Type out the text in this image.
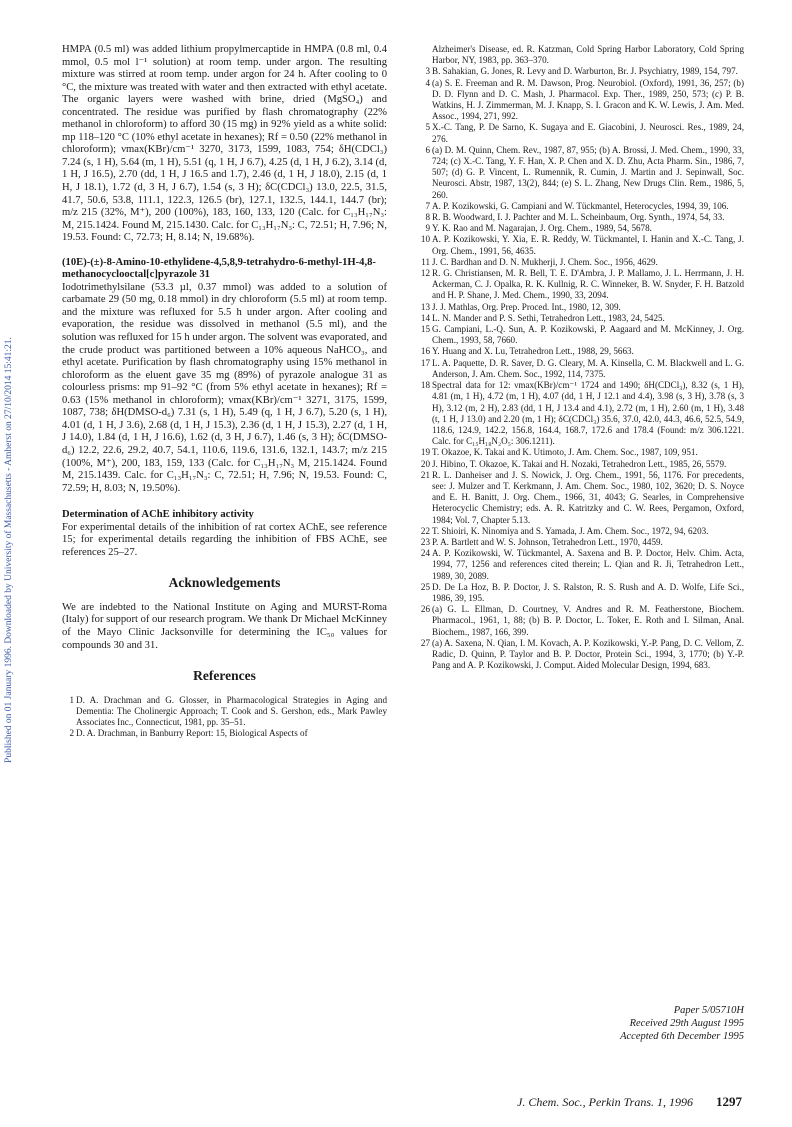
Published on 01 January 1996. Downloaded by University of Massachusetts - Amherst on 27/10/2014 15:41:21.

HMPA (0.5 ml) was added lithium propylmercaptide in HMPA (0.8 ml, 0.4 mmol, 0.5 mol l⁻¹ solution) at room temp. under argon. The resulting mixture was stirred at room temp. under argon for 24 h. After cooling to 0 °C, the mixture was treated with water and then extracted with ethyl acetate. The organic layers were washed with brine, dried (MgSO₄) and concentrated. The residue was purified by flash chromatography (22% methanol in chloroform) to afford 30 (15 mg) in 92% yield as a white solid: mp 118–120 °C (10% ethyl acetate in hexanes); Rf = 0.50 (22% methanol in chloroform); νmax(KBr)/cm⁻¹ 3270, 3173, 1599, 1083, 754; δH(CDCl₃) 7.24 (s, 1 H), 5.64 (m, 1 H), 5.51 (q, 1 H, J 6.7), 4.25 (d, 1 H, J 6.2), 3.14 (d, 1 H, J 16.5), 2.70 (dd, 1 H, J 16.5 and 1.7), 2.46 (d, 1 H, J 18.0), 2.15 (d, 1 H, J 18.1), 1.72 (d, 3 H, J 6.7), 1.54 (s, 3 H); δC(CDCl₃) 13.0, 22.5, 31.5, 41.7, 50.6, 53.8, 111.1, 122.3, 126.5 (br), 127.1, 132.5, 144.1, 144.7 (br); m/z 215 (32%, M⁺), 200 (100%), 183, 160, 133, 120 (Calc. for C₁₃H₁₇N₃: M, 215.1424. Found M, 215.1430. Calc. for C₁₃H₁₇N₃: C, 72.51; H, 7.96; N, 19.53. Found: C, 72.73; H, 8.14; N, 19.68%).

(10E)-(±)-8-Amino-10-ethylidene-4,5,8,9-tetrahydro-6-methyl-1H-4,8-methanocyclooctal[c]pyrazole 31

Iodotrimethylsilane (53.3 µl, 0.37 mmol) was added to a solution of carbamate 29 (50 mg, 0.18 mmol) in dry chloroform (5.5 ml) at room temp. and the mixture was refluxed for 5.5 h under argon. After cooling and evaporation, the residue was dissolved in methanol (5.5 ml), and the solution was refluxed for 15 h under argon. The solvent was evaporated, and the crude product was partitioned between a 10% aqueous NaHCO₃, and ethyl acetate. Purification by flash chromatography using 15% methanol in chloroform as the eluent gave 35 mg (89%) of pyrazole analogue 31 as colourless prisms: mp 91–92 °C (from 5% ethyl acetate in hexanes); Rf = 0.63 (15% methanol in chloroform); νmax(KBr)/cm⁻¹ 3271, 3175, 1599, 1087, 738; δH(DMSO-d₆) 7.31 (s, 1 H), 5.49 (q, 1 H, J 6.7), 5.20 (s, 1 H), 4.01 (d, 1 H, J 3.6), 2.68 (d, 1 H, J 15.3), 2.36 (d, 1 H, J 15.3), 2.27 (d, 1 H, J 14.0), 1.84 (d, 1 H, J 16.6), 1.62 (d, 3 H, J 6.7), 1.46 (s, 3 H); δC(DMSO-d₆) 12.2, 22.6, 29.2, 40.7, 54.1, 110.6, 119.6, 131.6, 132.1, 143.7; m/z 215 (100%, M⁺), 200, 183, 159, 133 (Calc. for C₁₃H₁₇N₃ M, 215.1424. Found M, 215.1439. Calc. for C₁₃H₁₇N₃: C, 72.51; H, 7.96; N, 19.53. Found: C, 72.59; H, 8.03; N, 19.50%).

Determination of AChE inhibitory activity

For experimental details of the inhibition of rat cortex AChE, see reference 15; for experimental details regarding the inhibition of FBS AChE, see references 25–27.

Acknowledgements

We are indebted to the National Institute on Aging and MURST-Roma (Italy) for support of our research program. We thank Dr Michael McKinney of the Mayo Clinic Jacksonville for determining the IC₅₀ values for compounds 30 and 31.

References
1 D. A. Drachman and G. Glosser, in Pharmacological Strategies in Aging and Dementia: The Cholinergic Approach; T. Cook and S. Gershon, eds., Mark Pawley Associates Inc., Connecticut, 1981, pp. 35–51.
2 D. A. Drachman, in Banburry Report: 15, Biological Aspects of
Alzheimer's Disease, ed. R. Katzman, Cold Spring Harbor Laboratory, Cold Spring Harbor, NY, 1983, pp. 363–370.
3 B. Sahakian, G. Jones, R. Levy and D. Warburton, Br. J. Psychiatry, 1989, 154, 797.
4 (a) S. E. Freeman and R. M. Dawson, Prog. Neurobiol. (Oxford), 1991, 36, 257; (b) D. D. Flynn and D. C. Mash, J. Pharmacol. Exp. Ther., 1989, 250, 573; (c) P. B. Watkins, H. J. Zimmerman, M. J. Knapp, S. I. Gracon and K. W. Lewis, J. Am. Med. Assoc., 1994, 271, 992.
5 X.-C. Tang, P. De Sarno, K. Sugaya and E. Giacobini, J. Neurosci. Res., 1989, 24, 276.
6 (a) D. M. Quinn, Chem. Rev., 1987, 87, 955; (b) A. Brossi, J. Med. Chem., 1990, 33, 724; (c) X.-C. Tang, Y. F. Han, X. P. Chen and X. D. Zhu, Acta Pharm. Sin., 1986, 7, 507; (d) G. P. Vincent, L. Rumennik, R. Cumin, J. Martin and J. Sepinwall, Soc. Neurosci. Abstr, 1987, 13(2), 844; (e) S. L. Zhang, New Drugs Clin. Rem., 1986, 5, 260.
7 A. P. Kozikowski, G. Campiani and W. Tückmantel, Heterocycles, 1994, 39, 106.
8 R. B. Woodward, I. J. Pachter and M. L. Scheinbaum, Org. Synth., 1974, 54, 33.
9 Y. K. Rao and M. Nagarajan, J. Org. Chem., 1989, 54, 5678.
10 A. P. Kozikowski, Y. Xia, E. R. Reddy, W. Tückmantel, I. Hanin and X.-C. Tang, J. Org. Chem., 1991, 56, 4635.
11 J. C. Bardhan and D. N. Mukherji, J. Chem. Soc., 1956, 4629.
12 R. G. Christiansen, M. R. Bell, T. E. D'Ambra, J. P. Mallamo, J. L. Herrmann, J. H. Ackerman, C. J. Opalka, R. K. Kullnig, R. C. Winneker, B. W. Snyder, F. H. Batzold and H. P. Shane, J. Med. Chem., 1990, 33, 2094.
13 J. J. Mathlas, Org. Prep. Proced. Int., 1980, 12, 309.
14 L. N. Mander and P. S. Sethi, Tetrahedron Lett., 1983, 24, 5425.
15 G. Campiani, L.-Q. Sun, A. P. Kozikowski, P. Aagaard and M. McKinney, J. Org. Chem., 1993, 58, 7660.
16 Y. Huang and X. Lu, Tetrahedron Lett., 1988, 29, 5663.
17 L. A. Paquette, D. R. Saver, D. G. Cleary, M. A. Kinsella, C. M. Blackwell and L. G. Anderson, J. Am. Chem. Soc., 1992, 114, 7375.
18 Spectral data for 12: νmax(KBr)/cm⁻¹ 1724 and 1490; δH(CDCl₃), 8.32 (s, 1 H), 4.81 (m, 1 H), 4.72 (m, 1 H), 4.07 (dd, 1 H, J 12.1 and 4.4), 3.98 (s, 3 H), 3.78 (s, 3 H), 3.12 (m, 2 H), 2.83 (dd, 1 H, J 13.4 and 4.1), 2.72 (m, 1 H), 2.60 (m, 1 H), 3.48 (t, 1 H, J 13.0) and 2.20 (m, 1 H); δC(CDCl₃) 35.6, 37.0, 42.0, 44.3, 46.6, 52.5, 54.9, 118.6, 124.9, 142.2, 156.8, 164.4, 168.7, 172.6 and 178.4 (Found: m/z 306.1221. Calc. for C₁₅H₁₈N₂O₅: 306.1211).
19 T. Okazoe, K. Takai and K. Utimoto, J. Am. Chem. Soc., 1987, 109, 951.
20 J. Hibino, T. Okazoe, K. Takai and H. Nozaki, Tetrahedron Lett., 1985, 26, 5579.
21 R. L. Danheiser and J. S. Nowick, J. Org. Chem., 1991, 56, 1176. For precedents, see: J. Mulzer and T. Kerkmann, J. Am. Chem. Soc., 1980, 102, 3620; D. S. Noyce and E. H. Banitt, J. Org. Chem., 1966, 31, 4043; G. Searles, in Comprehensive Heterocyclic Chemistry; eds. A. R. Katritzky and C. W. Rees, Pergamon, Oxford, 1984; Vol. 7, Chapter 5.13.
22 T. Shioiri, K. Ninomiya and S. Yamada, J. Am. Chem. Soc., 1972, 94, 6203.
23 P. A. Bartlett and W. S. Johnson, Tetrahedron Lett., 1970, 4459.
24 A. P. Kozikowski, W. Tückmantel, A. Saxena and B. P. Doctor, Helv. Chim. Acta, 1994, 77, 1256 and references cited therein; L. Qian and R. Ji, Tetrahedron Lett., 1989, 30, 2089.
25 D. De La Hoz, B. P. Doctor, J. S. Ralston, R. S. Rush and A. D. Wolfe, Life Sci., 1986, 39, 195.
26 (a) G. L. Ellman, D. Courtney, V. Andres and R. M. Featherstone, Biochem. Pharmacol., 1961, 1, 88; (b) B. P. Doctor, L. Toker, E. Roth and I. Silman, Anal. Biochem., 1987, 166, 399.
27 (a) A. Saxena, N. Qian, I. M. Kovach, A. P. Kozikowski, Y.-P. Pang, D. C. Vellom, Z. Radic, D. Quinn, P. Taylor and B. P. Doctor, Protein Sci., 1994, 3, 1770; (b) Y.-P. Pang and A. P. Kozikowski, J. Comput. Aided Molecular Design, 1994, 683.
Paper 5/05710H
Received 29th August 1995
Accepted 6th December 1995
J. Chem. Soc., Perkin Trans. 1, 1996 1297
